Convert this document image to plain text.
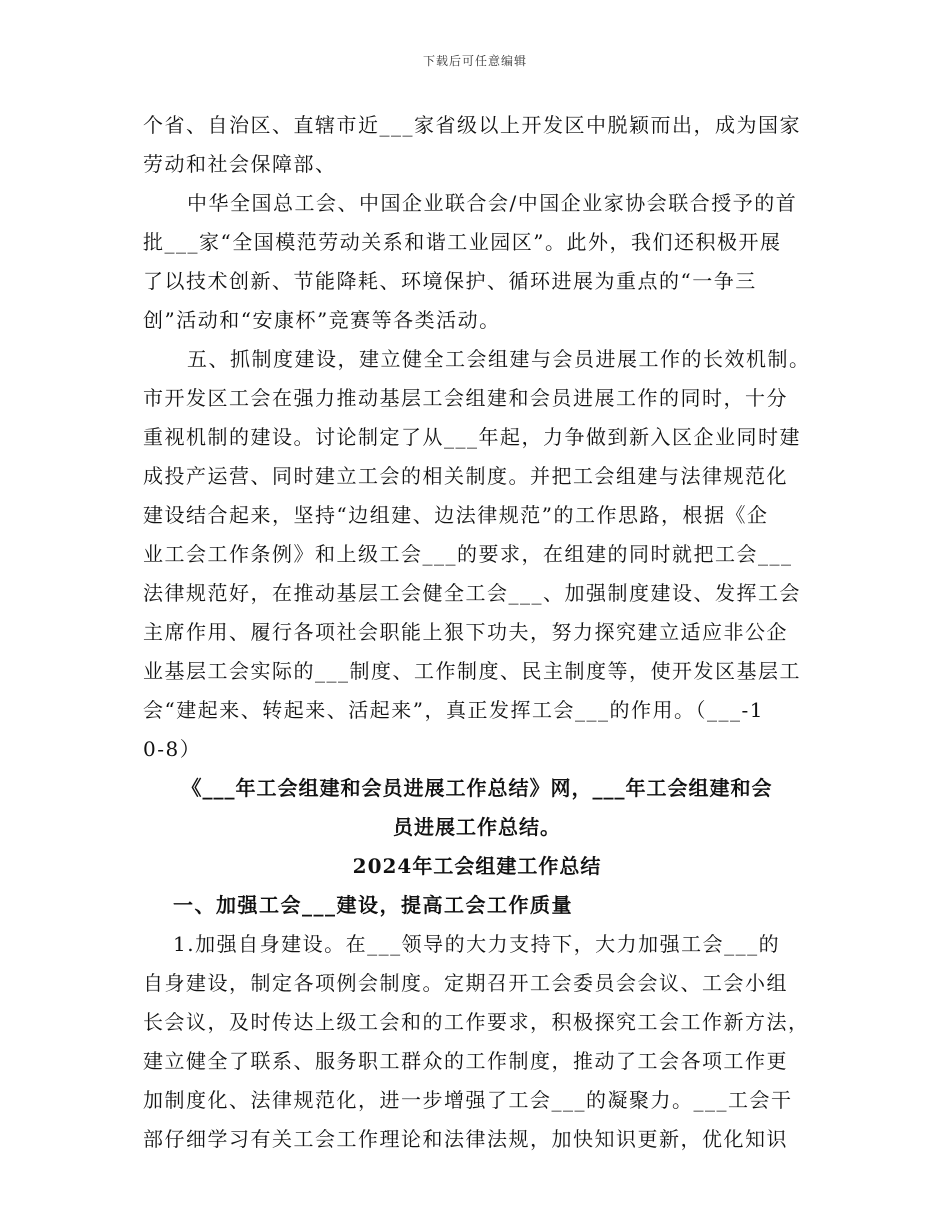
下载后可任意编辑
个省、自治区、直辖市近___家省级以上开发区中脱颖而出，成为国家
劳动和社会保障部、
中华全国总工会、中国企业联合会/中国企业家协会联合授予的首
批___家“全国模范劳动关系和谐工业园区”。此外，我们还积极开展
了以技术创新、节能降耗、环境保护、循环进展为重点的“一争三
创”活动和“安康杯”竞赛等各类活动。
五、抓制度建设，建立健全工会组建与会员进展工作的长效机制。
市开发区工会在强力推动基层工会组建和会员进展工作的同时，十分
重视机制的建设。讨论制定了从___年起，力争做到新入区企业同时建
成投产运营、同时建立工会的相关制度。并把工会组建与法律规范化
建设结合起来，坚持“边组建、边法律规范”的工作思路，根据《企
业工会工作条例》和上级工会___的要求，在组建的同时就把工会___
法律规范好，在推动基层工会健全工会___、加强制度建设、发挥工会
主席作用、履行各项社会职能上狠下功夫，努力探究建立适应非公企
业基层工会实际的___制度、工作制度、民主制度等，使开发区基层工
会“建起来、转起来、活起来”，真正发挥工会___的作用。（___-1
0-8）
《___年工会组建和会员进展工作总结》网，___年工会组建和会
员进展工作总结。
2024年工会组建工作总结
一、加强工会___建设，提高工会工作质量
1.加强自身建设。在___领导的大力支持下，大力加强工会___的
自身建设，制定各项例会制度。定期召开工会委员会会议、工会小组
长会议，及时传达上级工会和的工作要求，积极探究工会工作新方法，
建立健全了联系、服务职工群众的工作制度，推动了工会各项工作更
加制度化、法律规范化，进一步增强了工会___的凝聚力。___工会干
部仔细学习有关工会工作理论和法律法规，加快知识更新，优化知识
